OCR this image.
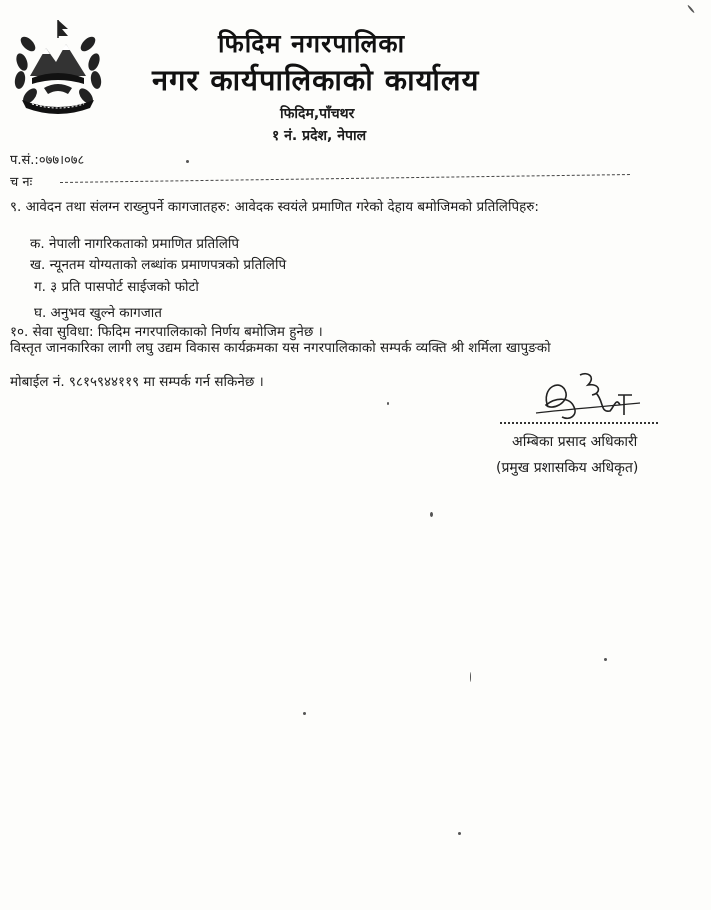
फिदिम नगरपालिका
नगर कार्यपालिकाको कार्यालय
फिदिम,पाँचथर
१ नं. प्रदेश, नेपाल
प.सं.:०७७।०७८
च नः
९. आवेदन तथा संलग्न राख्नुपर्ने कागजातहरु: आवेदक स्वयंले प्रमाणित गरेको देहाय बमोजिमको प्रतिलिपिहरु:
क. नेपाली नागरिकताको प्रमाणित प्रतिलिपि
ख. न्यूनतम योग्यताको लब्धांक प्रमाणपत्रको प्रतिलिपि
ग. ३ प्रति पासपोर्ट साईजको फोटो
घ. अनुभव खुल्ने कागजात
१०. सेवा सुविधा: फिदिम नगरपालिकाको निर्णय बमोजिम हुनेछ ।
विस्तृत जानकारिका लागी लघु उद्यम विकास कार्यक्रमका यस नगरपालिकाको सम्पर्क व्यक्ति श्री शर्मिला खापुङको
मोबाईल नं. ९८१५९४४११९ मा सम्पर्क गर्न सकिनेछ ।
अम्बिका प्रसाद अधिकारी
(प्रमुख प्रशासकिय अधिकृत)
